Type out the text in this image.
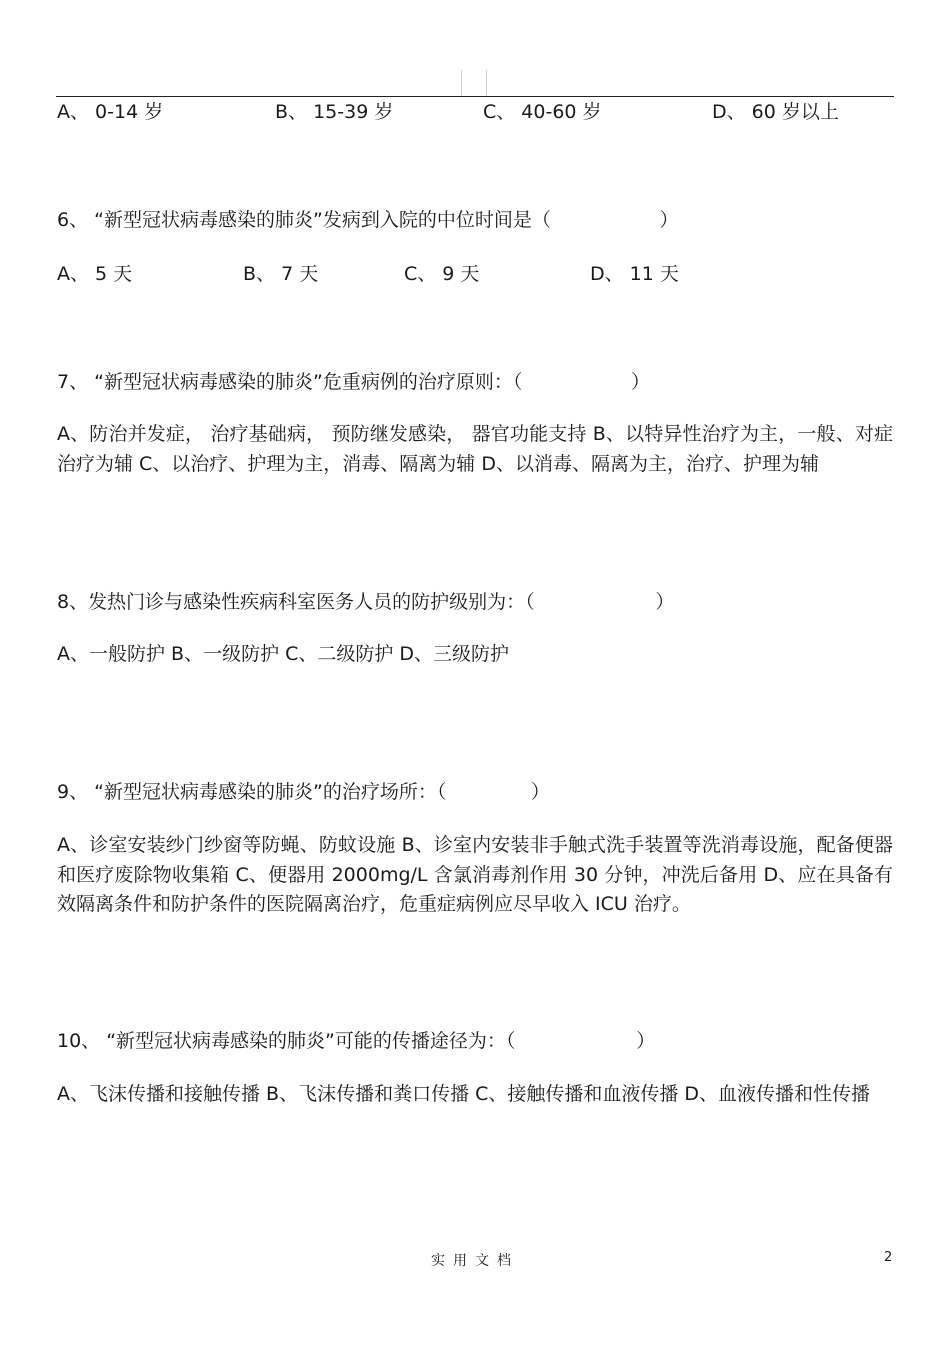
A、 0-14 岁	B、 15-39 岁	C、 40-60 岁	D、 60 岁以上
6、 “新型冠状病毒感染的肺炎”发病到入院的中位时间是（                  ）
A、 5 天	B、 7 天	C、 9 天	D、 11 天
7、 “新型冠状病毒感染的肺炎”危重病例的治疗原则：（                  ）
A、防治并发症， 治疗基础病， 预防继发感染， 器官功能支持 B、以特异性治疗为主，一般、对症治疗为辅 C、以治疗、护理为主，消毒、隔离为辅 D、以消毒、隔离为主，治疗、护理为辅
8、发热门诊与感染性疾病科室医务人员的防护级别为：（                    ）
A、一般防护 B、一级防护 C、二级防护 D、三级防护
9、 “新型冠状病毒感染的肺炎”的治疗场所：（              ）
A、诊室安装纱门纱窗等防蝇、防蚊设施 B、诊室内安装非手触式洗手装置等洗消毒设施，配备便器和医疗废除物收集箱 C、便器用 2000mg/L 含氯消毒剂作用 30 分钟，冲洗后备用 D、应在具备有效隔离条件和防护条件的医院隔离治疗，危重症病例应尽早收入 ICU 治疗。
10、 “新型冠状病毒感染的肺炎”可能的传播途径为：（                    ）
A、飞沫传播和接触传播 B、飞沫传播和粪口传播 C、接触传播和血液传播 D、血液传播和性传播
实用文档	2
